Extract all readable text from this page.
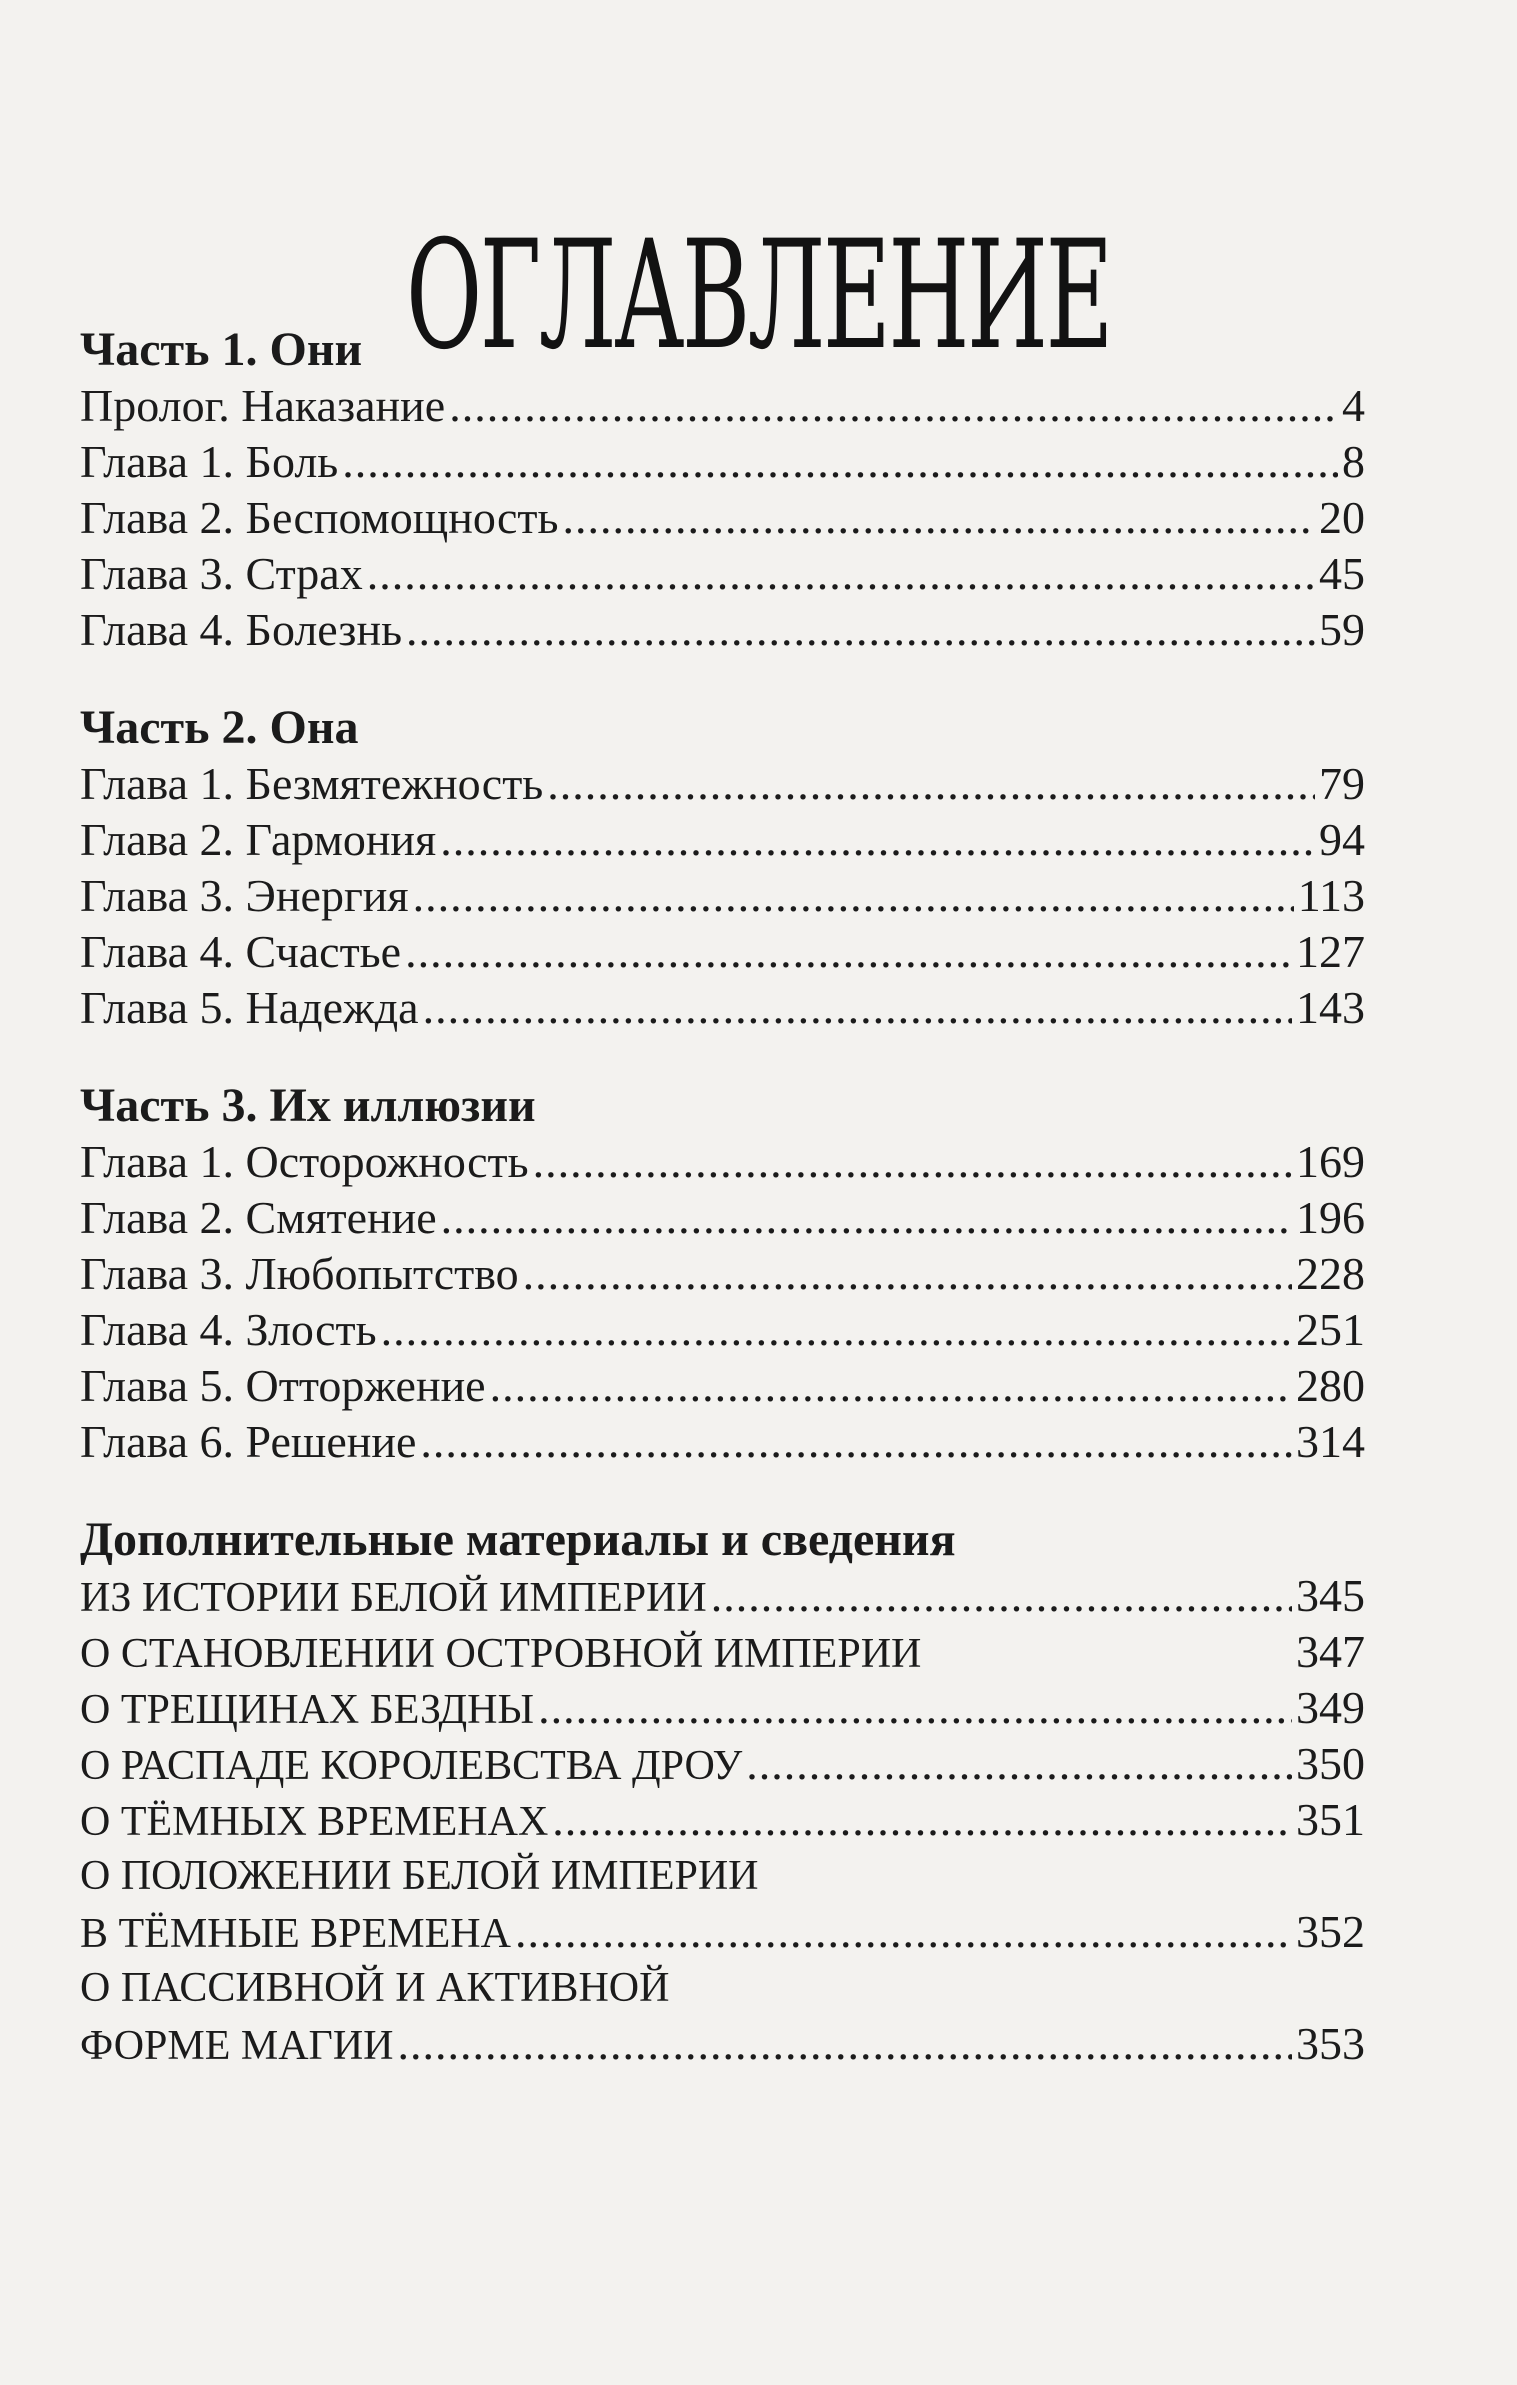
ОГЛАВЛЕНИЕ
Часть 1. Они
Пролог. Наказание .....	4
Глава 1. Боль .....	8
Глава 2. Беспомощность .....	20
Глава 3. Страх .....	45
Глава 4. Болезнь .....	59
Часть 2. Она
Глава 1. Безмятежность .....	79
Глава 2. Гармония .....	94
Глава 3. Энергия .....	113
Глава 4. Счастье .....	127
Глава 5. Надежда .....	143
Часть 3. Их иллюзии
Глава 1. Осторожность .....	169
Глава 2. Смятение .....	196
Глава 3. Любопытство .....	228
Глава 4. Злость .....	251
Глава 5. Отторжение .....	280
Глава 6. Решение .....	314
Дополнительные материалы и сведения
ИЗ ИСТОРИИ БЕЛОЙ ИМПЕРИИ .....	345
О СТАНОВЛЕНИИ ОСТРОВНОЙ ИМПЕРИИ	347
О ТРЕЩИНАХ БЕЗДНЫ .....	349
О РАСПАДЕ КОРОЛЕВСТВА ДРОУ .....	350
О ТЁМНЫХ ВРЕМЕНАХ .....	351
О ПОЛОЖЕНИИ БЕЛОЙ ИМПЕРИИ
В ТЁМНЫЕ ВРЕМЕНА .....	352
О ПАССИВНОЙ И АКТИВНОЙ
ФОРМЕ МАГИИ .....	353
